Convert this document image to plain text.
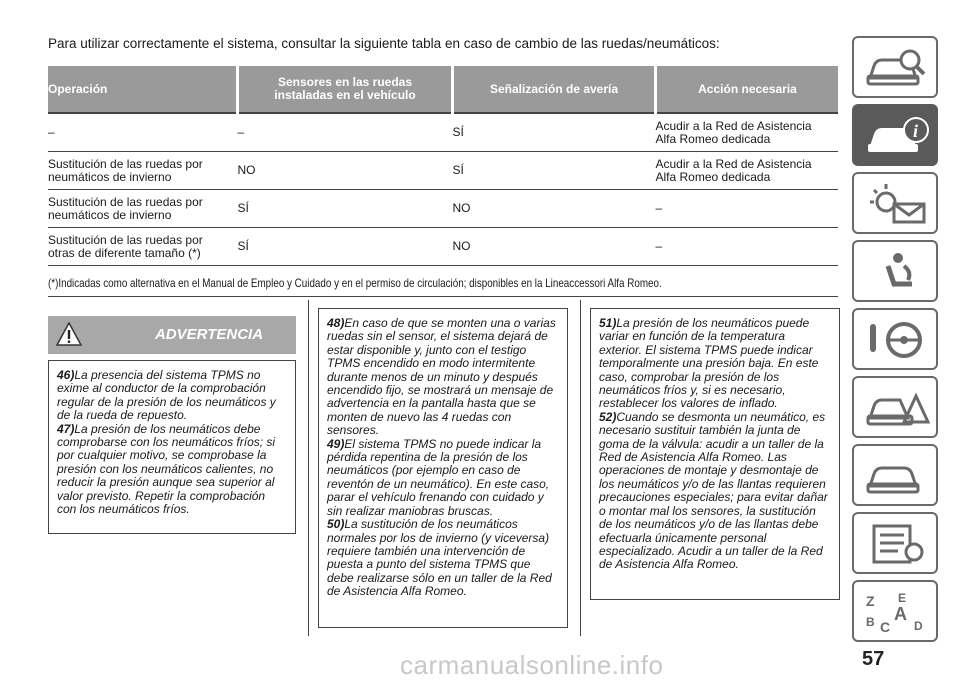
Para utilizar correctamente el sistema, consultar la siguiente tabla en caso de cambio de las ruedas/neumáticos:
Operación	Sensores en las ruedas instaladas en el vehículo	Señalización de avería	Acción necesaria
–	–	SÍ	Acudir a la Red de Asistencia Alfa Romeo dedicada

Sustitución de las ruedas por neumáticos de invierno	NO	SÍ	Acudir a la Red de Asistencia Alfa Romeo dedicada

Sustitución de las ruedas por neumáticos de invierno	SÍ	NO	–

Sustitución de las ruedas por otras de diferente tamaño (*)	SÍ	NO	–
(*)Indicadas como alternativa en el Manual de Empleo y Cuidado y en el permiso de circulación; disponibles en la Lineaccessori Alfa Romeo.
ADVERTENCIA

46)La presencia del sistema TPMS no exime al conductor de la comprobación regular de la presión de los neumáticos y de la rueda de repuesto.

47)La presión de los neumáticos debe comprobarse con los neumáticos fríos; si por cualquier motivo, se comprobase la presión con los neumáticos calientes, no reducir la presión aunque sea superior al valor previsto. Repetir la comprobación con los neumáticos fríos.

48)En caso de que se monten una o varias ruedas sin el sensor, el sistema dejará de estar disponible y, junto con el testigo TPMS encendido en modo intermitente durante menos de un minuto y después encendido fijo, se mostrará un mensaje de advertencia en la pantalla hasta que se monten de nuevo las 4 ruedas con sensores.

49)El sistema TPMS no puede indicar la pérdida repentina de la presión de los neumáticos (por ejemplo en caso de reventón de un neumático). En este caso, parar el vehículo frenando con cuidado y sin realizar maniobras bruscas.

50)La sustitución de los neumáticos normales por los de invierno (y viceversa) requiere también una intervención de puesta a punto del sistema TPMS que debe realizarse sólo en un taller de la Red de Asistencia Alfa Romeo.

51)La presión de los neumáticos puede variar en función de la temperatura exterior. El sistema TPMS puede indicar temporalmente una presión baja. En este caso, comprobar la presión de los neumáticos fríos y, si es necesario, restablecer los valores de inflado.

52)Cuando se desmonta un neumático, es necesario sustituir también la junta de goma de la válvula: acudir a un taller de la Red de Asistencia Alfa Romeo. Las operaciones de montaje y desmontaje de los neumáticos y/o de las llantas requieren precauciones especiales; para evitar dañar o montar mal los sensores, la sustitución de los neumáticos y/o de las llantas debe efectuarla únicamente personal especializado. Acudir a un taller de la Red de Asistencia Alfa Romeo.

i
Z E
A
B C D
57
carmanualsonline.info
